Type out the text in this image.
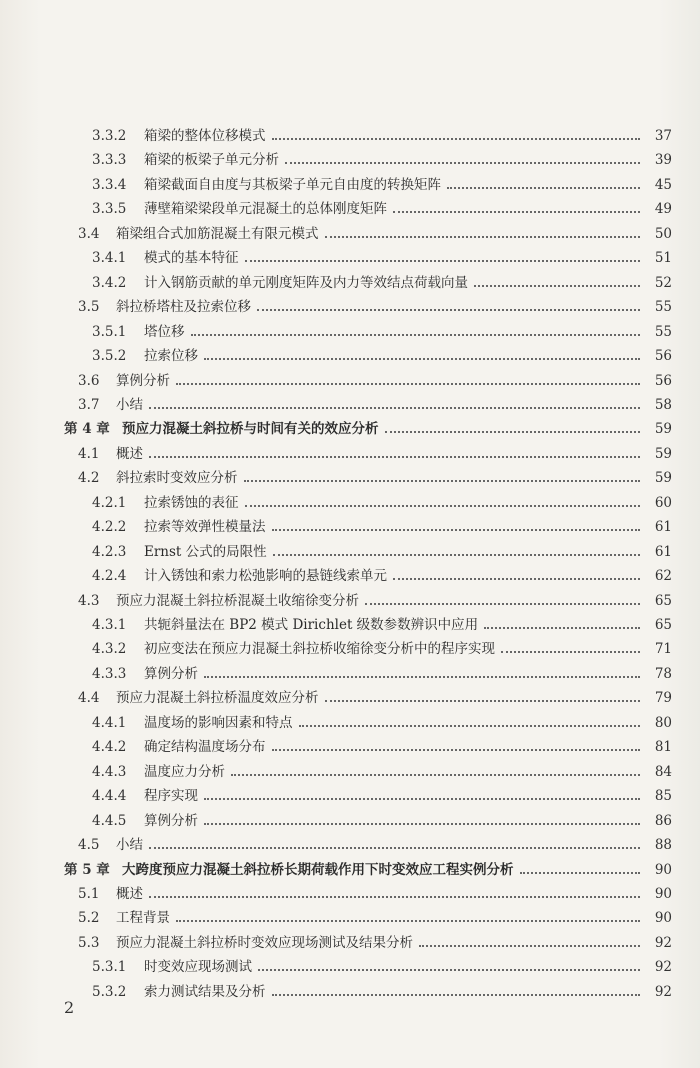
3.3.2	箱梁的整体位移模式	37
3.3.3	箱梁的板梁子单元分析	39
3.3.4	箱梁截面自由度与其板梁子单元自由度的转换矩阵	45
3.3.5	薄壁箱梁梁段单元混凝土的总体刚度矩阵	49
3.4	箱梁组合式加筋混凝土有限元模式	50
3.4.1	模式的基本特征	51
3.4.2	计入钢筋贡献的单元刚度矩阵及内力等效结点荷载向量	52
3.5	斜拉桥塔柱及拉索位移	55
3.5.1	塔位移	55
3.5.2	拉索位移	56
3.6	算例分析	56
3.7	小结	58
第 4 章 预应力混凝土斜拉桥与时间有关的效应分析	59
4.1	概述	59
4.2	斜拉索时变效应分析	59
4.2.1	拉索锈蚀的表征	60
4.2.2	拉索等效弹性模量法	61
4.2.3	Ernst 公式的局限性	61
4.2.4	计入锈蚀和索力松弛影响的悬链线索单元	62
4.3	预应力混凝土斜拉桥混凝土收缩徐变分析	65
4.3.1	共轭斜量法在 BP2 模式 Dirichlet 级数参数辨识中应用	65
4.3.2	初应变法在预应力混凝土斜拉桥收缩徐变分析中的程序实现	71
4.3.3	算例分析	78
4.4	预应力混凝土斜拉桥温度效应分析	79
4.4.1	温度场的影响因素和特点	80
4.4.2	确定结构温度场分布	81
4.4.3	温度应力分析	84
4.4.4	程序实现	85
4.4.5	算例分析	86
4.5	小结	88
第 5 章 大跨度预应力混凝土斜拉桥长期荷载作用下时变效应工程实例分析	90
5.1	概述	90
5.2	工程背景	90
5.3	预应力混凝土斜拉桥时变效应现场测试及结果分析	92
5.3.1	时变效应现场测试	92
5.3.2	索力测试结果及分析	92
2
